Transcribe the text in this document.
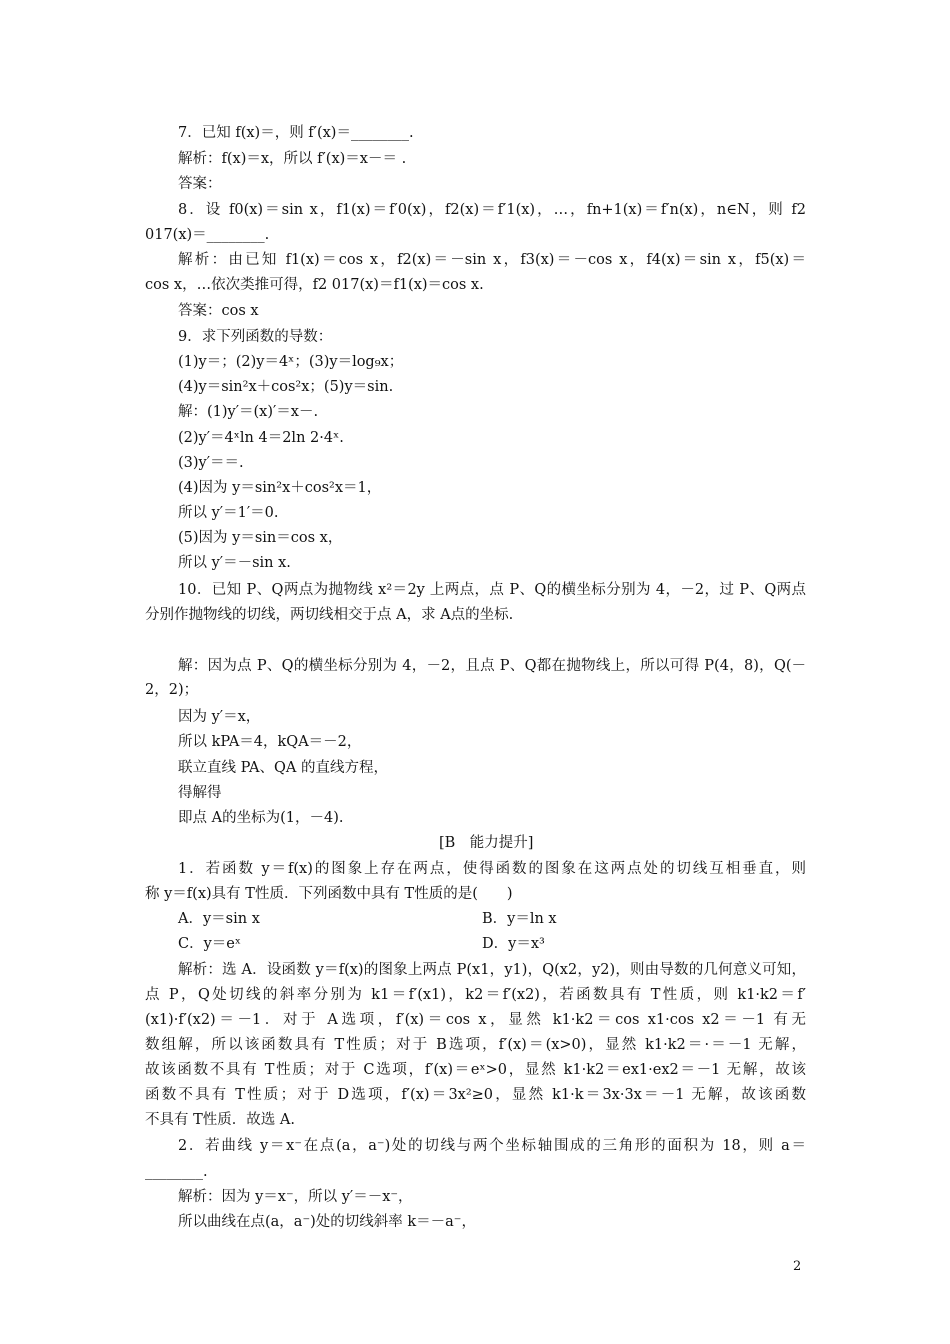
7．已知 f(x)＝，则 f′(x)＝________.
解析：f(x)＝x，所以 f′(x)＝x－＝ .
答案：
8．设 f0(x)＝sin x，f1(x)＝f′0(x)，f2(x)＝f′1(x)，…，fn+1(x)＝f′n(x)，n∈N，则 f2
017(x)＝________.
解析：由已知 f1(x)＝cos x，f2(x)＝－sin x，f3(x)＝－cos x，f4(x)＝sin x，f5(x)＝
cos x，…依次类推可得，f2 017(x)＝f1(x)＝cos x.
答案：cos x
9．求下列函数的导数：
(1)y＝；(2)y＝4ˣ；(3)y＝log₉x；
(4)y＝sin²x＋cos²x；(5)y＝sin.
解：(1)y′＝(x)′＝x－.
(2)y′＝4ˣln 4＝2ln 2·4ˣ.
(3)y′＝＝.
(4)因为 y＝sin²x＋cos²x＝1，
所以 y′＝1′＝0.
(5)因为 y＝sin＝cos x，
所以 y′＝－sin x.
10．已知 P、Q两点为抛物线 x²＝2y 上两点，点 P、Q的横坐标分别为 4，－2，过 P、Q两点
分别作抛物线的切线，两切线相交于点 A，求 A点的坐标.
解：因为点 P、Q的横坐标分别为 4，－2，且点 P、Q都在抛物线上，所以可得 P(4，8)，Q(－
2，2)；
因为 y′＝x，
所以 kPA＝4，kQA＝－2，
联立直线 PA、QA 的直线方程，
得解得
即点 A的坐标为(1，－4).
[B　能力提升]
1．若函数 y＝f(x)的图象上存在两点，使得函数的图象在这两点处的切线互相垂直，则
称 y＝f(x)具有 T性质．下列函数中具有 T性质的是(　　)
A．y＝sin x	B．y＝ln x
C．y＝eˣ	D．y＝x³
解析：选 A．设函数 y＝f(x)的图象上两点 P(x1，y1)，Q(x2，y2)，则由导数的几何意义可知，
点 P，Q处切线的斜率分别为 k1＝f′(x1)，k2＝f′(x2)，若函数具有 T性质，则 k1·k2＝f′
(x1)·f′(x2)＝－1．对于 A选项，f′(x)＝cos x，显然 k1·k2＝cos x1·cos x2＝－1 有无
数组解，所以该函数具有 T性质；对于 B选项，f′(x)＝(x>0)，显然 k1·k2＝·＝－1 无解，
故该函数不具有 T性质；对于 C选项，f′(x)＝eˣ>0，显然 k1·k2＝ex1·ex2＝－1 无解，故该
函数不具有 T性质；对于 D选项，f′(x)＝3x²≥0，显然 k1·k＝3x·3x＝－1 无解，故该函数
不具有 T性质．故选 A.
2．若曲线 y＝x⁻在点(a，a⁻)处的切线与两个坐标轴围成的三角形的面积为 18，则 a＝
________.
解析：因为 y＝x⁻，所以 y′＝－x⁻，
所以曲线在点(a，a⁻)处的切线斜率 k＝－a⁻，
2
